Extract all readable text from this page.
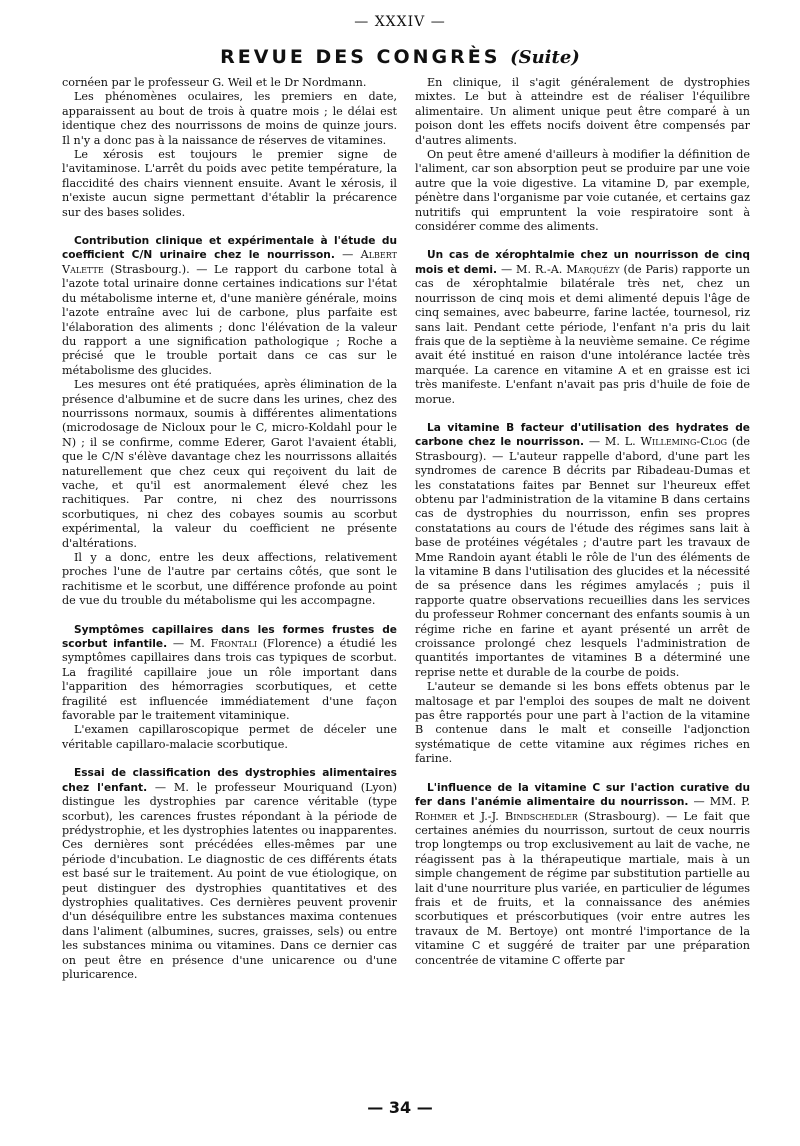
— XXXIV —
REVUE DES CONGRÈS (Suite)

cornéen par le professeur G. Weil et le Dr Nordmann.

Les phénomènes oculaires, les premiers en date, apparaissent au bout de trois à quatre mois ; le délai est identique chez des nourrissons de moins de quinze jours. Il n'y a donc pas à la naissance de réserves de vitamines.

Le xérosis est toujours le premier signe de l'avitaminose. L'arrêt du poids avec petite température, la flaccidité des chairs viennent ensuite. Avant le xérosis, il n'existe aucun signe permettant d'établir la précarence sur des bases solides.

Contribution clinique et expérimentale à l'étude du coefficient C/N urinaire chez le nourrisson. — Albert Valette (Strasbourg.). — Le rapport du carbone total à l'azote total urinaire donne certaines indications sur l'état du métabolisme interne et, d'une manière générale, moins l'azote entraîne avec lui de carbone, plus parfaite est l'élaboration des aliments ; donc l'élévation de la valeur du rapport a une signification pathologique ; Roche a précisé que le trouble portait dans ce cas sur le métabolisme des glucides.

Les mesures ont été pratiquées, après élimination de la présence d'albumine et de sucre dans les urines, chez des nourrissons normaux, soumis à différentes alimentations (microdosage de Nicloux pour le C, micro-Koldahl pour le N) ; il se confirme, comme Ederer, Garot l'avaient établi, que le C/N s'élève davantage chez les nourrissons allaités naturellement que chez ceux qui reçoivent du lait de vache, et qu'il est anormalement élevé chez les rachitiques. Par contre, ni chez des nourrissons scorbutiques, ni chez des cobayes soumis au scorbut expérimental, la valeur du coefficient ne présente d'altérations.

Il y a donc, entre les deux affections, relativement proches l'une de l'autre par certains côtés, que sont le rachitisme et le scorbut, une différence profonde au point de vue du trouble du métabolisme qui les accompagne.

Symptômes capillaires dans les formes frustes de scorbut infantile. — M. Frontali (Florence) a étudié les symptômes capillaires dans trois cas typiques de scorbut. La fragilité capillaire joue un rôle important dans l'apparition des hémorragies scorbutiques, et cette fragilité est influencée immédiatement d'une façon favorable par le traitement vitaminique.

L'examen capillaroscopique permet de déceler une véritable capillaro-malacie scorbutique.

Essai de classification des dystrophies alimentaires chez l'enfant. — M. le professeur Mouriquand (Lyon) distingue les dystrophies par carence véritable (type scorbut), les carences frustes répondant à la période de prédystrophie, et les dystrophies latentes ou inapparentes. Ces dernières sont précédées elles-mêmes par une période d'incubation. Le diagnostic de ces différents états est basé sur le traitement. Au point de vue étiologique, on peut distinguer des dystrophies quantitatives et des dystrophies qualitatives. Ces dernières peuvent provenir d'un déséquilibre entre les substances maxima contenues dans l'aliment (albumines, sucres, graisses, sels) ou entre les substances minima ou vitamines. Dans ce dernier cas on peut être en présence d'une unicarence ou d'une pluricarence.

En clinique, il s'agit généralement de dystrophies mixtes. Le but à atteindre est de réaliser l'équilibre alimentaire. Un aliment unique peut être comparé à un poison dont les effets nocifs doivent être compensés par d'autres aliments.

On peut être amené d'ailleurs à modifier la définition de l'aliment, car son absorption peut se produire par une voie autre que la voie digestive. La vitamine D, par exemple, pénètre dans l'organisme par voie cutanée, et certains gaz nutritifs qui empruntent la voie respiratoire sont à considérer comme des aliments.

Un cas de xérophtalmie chez un nourrisson de cinq mois et demi. — M. R.-A. Marquézy (de Paris) rapporte un cas de xérophtalmie bilatérale très net, chez un nourrisson de cinq mois et demi alimenté depuis l'âge de cinq semaines, avec babeurre, farine lactée, tournesol, riz sans lait. Pendant cette période, l'enfant n'a pris du lait frais que de la septième à la neuvième semaine. Ce régime avait été institué en raison d'une intolérance lactée très marquée. La carence en vitamine A et en graisse est ici très manifeste. L'enfant n'avait pas pris d'huile de foie de morue.

La vitamine B facteur d'utilisation des hydrates de carbone chez le nourrisson. — M. L. Willeming-Clog (de Strasbourg). — L'auteur rappelle d'abord, d'une part les syndromes de carence B décrits par Ribadeau-Dumas et les constatations faites par Bennet sur l'heureux effet obtenu par l'administration de la vitamine B dans certains cas de dystrophies du nourrisson, enfin ses propres constatations au cours de l'étude des régimes sans lait à base de protéines végétales ; d'autre part les travaux de Mme Randoin ayant établi le rôle de l'un des éléments de la vitamine B dans l'utilisation des glucides et la nécessité de sa présence dans les régimes amylacés ; puis il rapporte quatre observations recueillies dans les services du professeur Rohmer concernant des enfants soumis à un régime riche en farine et ayant présenté un arrêt de croissance prolongé chez lesquels l'administration de quantités importantes de vitamines B a déterminé une reprise nette et durable de la courbe de poids.

L'auteur se demande si les bons effets obtenus par le maltosage et par l'emploi des soupes de malt ne doivent pas être rapportés pour une part à l'action de la vitamine B contenue dans le malt et conseille l'adjonction systématique de cette vitamine aux régimes riches en farine.

L'influence de la vitamine C sur l'action curative du fer dans l'anémie alimentaire du nourrisson. — MM. P. Rohmer et J.-J. Bindschedler (Strasbourg). — Le fait que certaines anémies du nourrisson, surtout de ceux nourris trop longtemps ou trop exclusivement au lait de vache, ne réagissent pas à la thérapeutique martiale, mais à un simple changement de régime par substitution partielle au lait d'une nourriture plus variée, en particulier de légumes frais et de fruits, et la connaissance des anémies scorbutiques et préscorbutiques (voir entre autres les travaux de M. Bertoye) ont montré l'importance de la vitamine C et suggéré de traiter par une préparation concentrée de vitamine C offerte par

— 34 —
